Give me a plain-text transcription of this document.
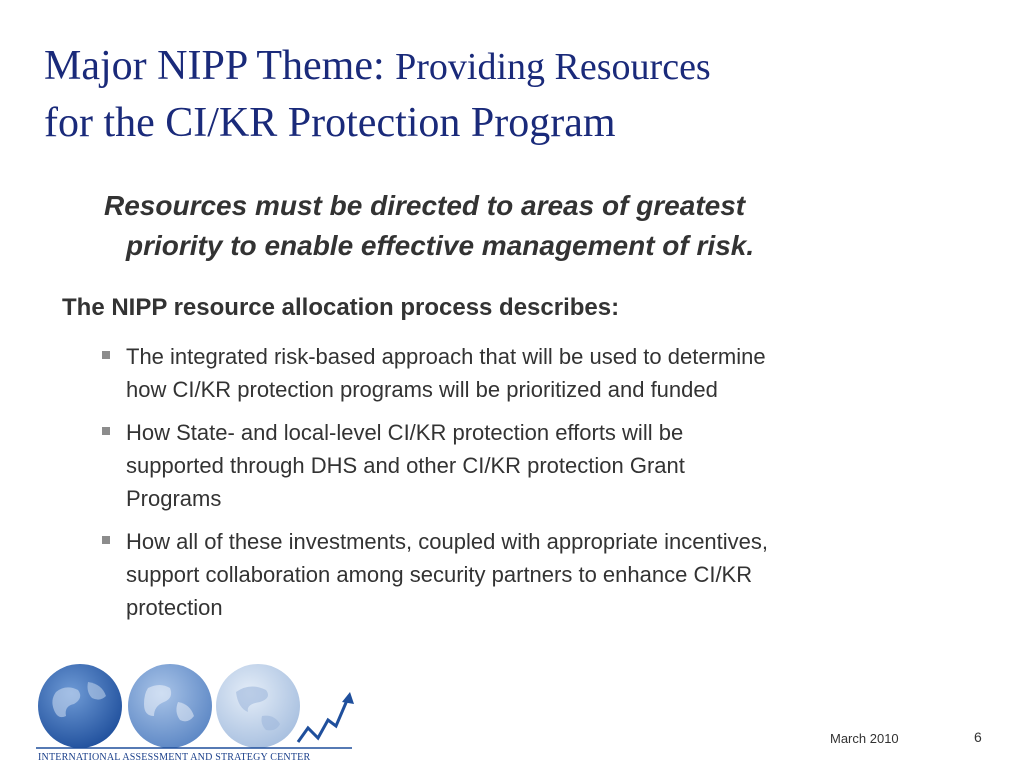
Major NIPP Theme: Providing Resources
for the CI/KR Protection Program

Resources must be directed to areas of greatest
priority to enable effective management of risk.

The NIPP resource allocation process describes:

The integrated risk-based approach that will be used to determine
how CI/KR protection programs will be prioritized and funded
How State- and local-level CI/KR protection efforts will be
supported through DHS and other CI/KR protection Grant
Programs
How all of these investments, coupled with appropriate incentives,
support collaboration among security partners to enhance CI/KR
protection
INTERNATIONAL ASSESSMENT AND STRATEGY CENTER
March 2010	6
